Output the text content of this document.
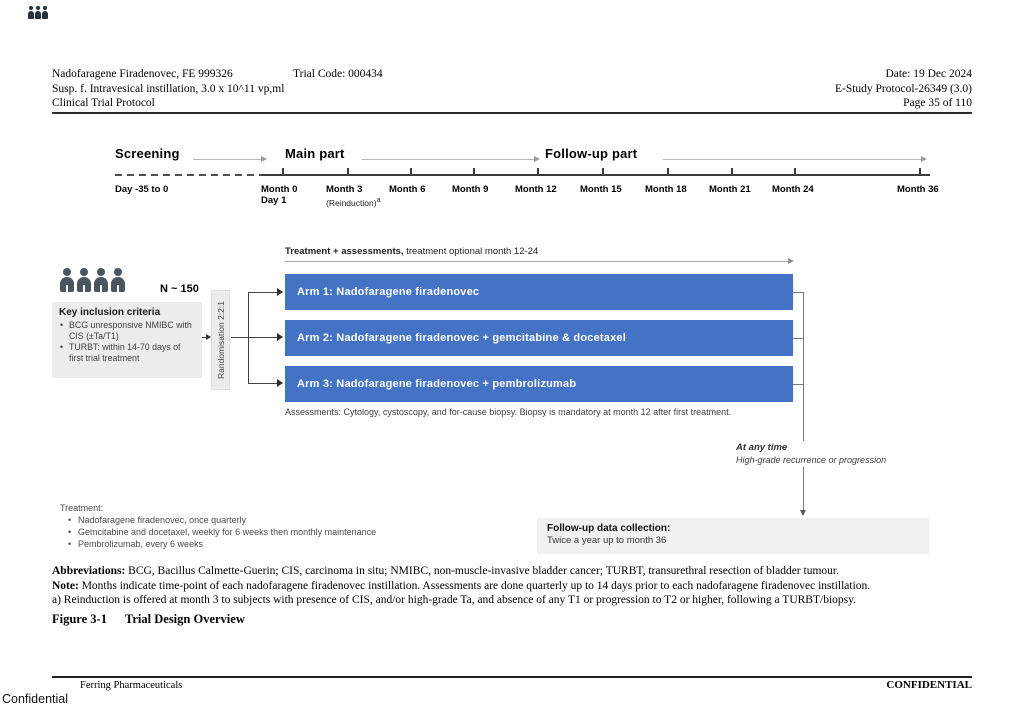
Nadofaragene Firadenovec, FE 999326	Trial Code: 000434
Susp. f. Intravesical instillation, 3.0 x 10^11 vp,ml
Clinical Trial Protocol
Date: 19 Dec 2024
E-Study Protocol-26349 (3.0)
Page 35 of 110
Screening	Main part	Follow-up part
Day -35 to 0	Month 0
Day 1
Month 3
(Reinduction)$^a$
Month 6	Month 9	Month 12 Month 15 Month 18 Month 21 Month 24	Month 36
N ~ 150
Key inclusion criteria
• BCG unresponsive NMIBC with CIS (±Ta/T1)
• TURBT: within 14-70 days of first trial treatment	Randomisation 2:2:1
Treatment + assessments, treatment optional month 12-24
Arm 1: Nadofaragene firadenovec
Arm 2: Nadofaragene firadenovec + gemcitabine & docetaxel
Arm 3: Nadofaragene firadenovec + pembrolizumab
Assessments: Cytology, cystoscopy, and for-cause biopsy. Biopsy is mandatory at month 12 after first treatment.
At any time
High-grade recurrence or progression
Follow-up data collection:
Twice a year up to month 36
Treatment:
• Nadofaragene firadenovec, once quarterly
• Gemcitabine and docetaxel, weekly for 6 weeks then monthly maintenance
• Pembrolizumab, every 6 weeks
Abbreviations: BCG, Bacillus Calmette-Guerin; CIS, carcinoma in situ; NMIBC, non-muscle-invasive bladder cancer; TURBT, transurethral resection of bladder tumour.
Note: Months indicate time-point of each nadofaragene firadenovec instillation. Assessments are done quarterly up to 14 days prior to each nadofaragene firadenovec instillation.
a) Reinduction is offered at month 3 to subjects with presence of CIS, and/or high-grade Ta, and absence of any T1 or progression to T2 or higher, following a TURBT/biopsy.
Figure 3-1 Trial Design Overview
Ferring Pharmaceuticals	CONFIDENTIAL
Confidential
